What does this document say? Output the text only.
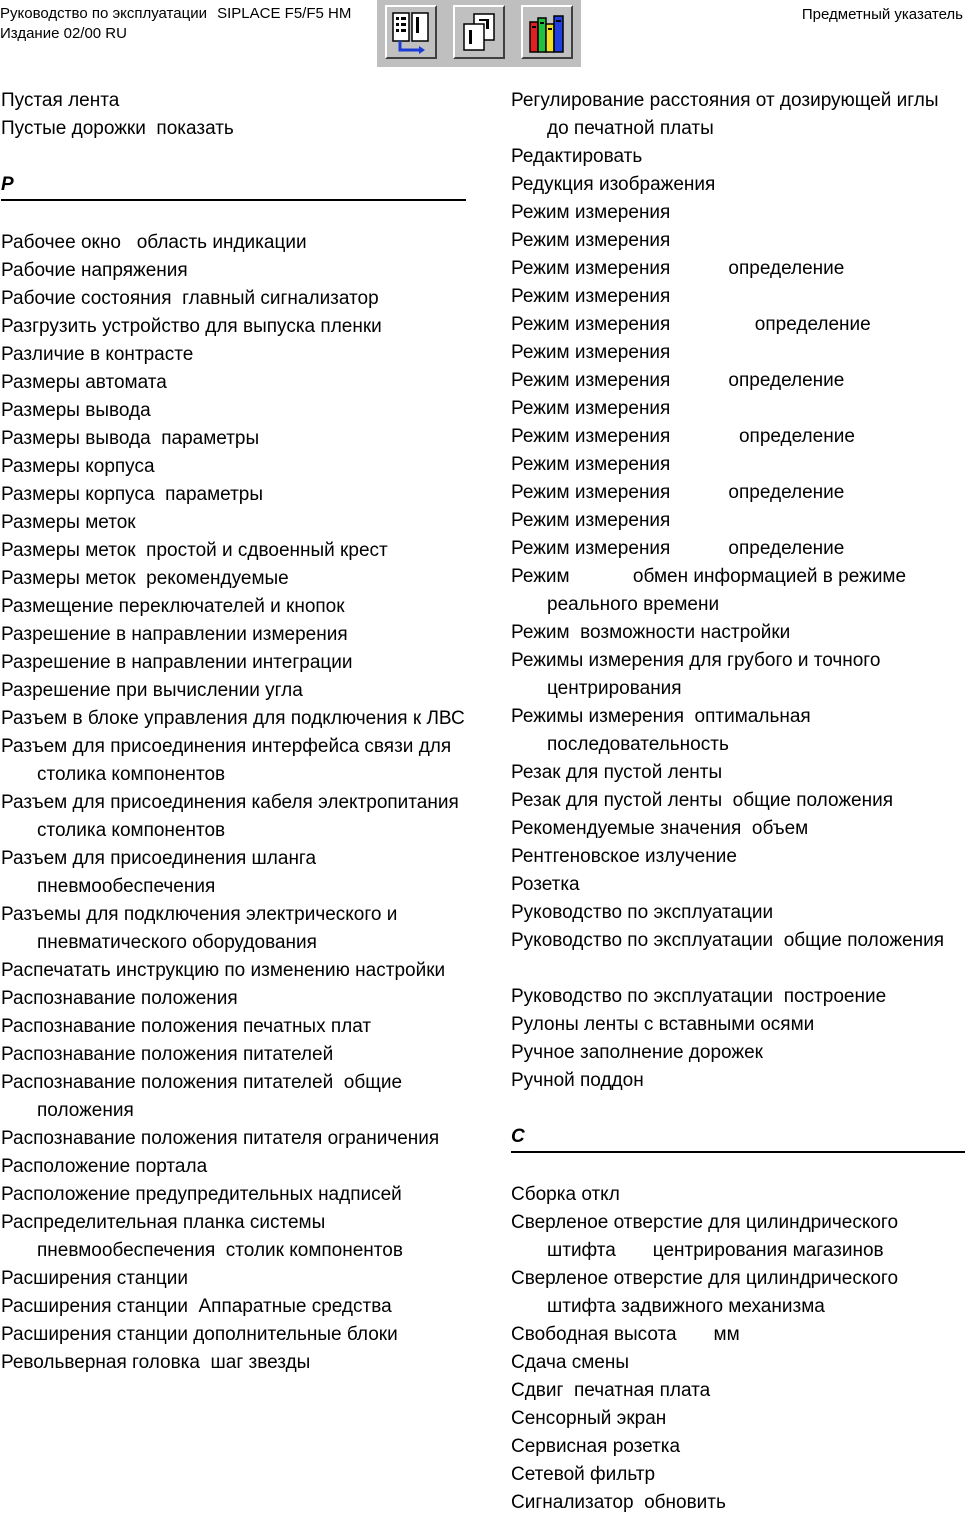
Руководство по эксплуатации SIPLACE F5/F5 HM
Издание 02/00 RU
Предметный указатель
Пустая лента
Пустые дорожки  показать
Р
Рабочее окно   область индикации
Рабочие напряжения
Рабочие состояния  главный сигнализатор
Разгрузить устройство для выпуска пленки
Различие в контрасте
Размеры автомата
Размеры вывода
Размеры вывода  параметры
Размеры корпуса
Размеры корпуса  параметры
Размеры меток
Размеры меток  простой и сдвоенный крест
Размеры меток  рекомендуемые
Размещение переключателей и кнопок
Разрешение в направлении измерения
Разрешение в направлении интеграции
Разрешение при вычислении угла
Разъем в блоке управления для подключения к ЛВС
Разъем для присоединения интерфейса связи для столика компонентов
Разъем для присоединения кабеля электропитания столика компонентов
Разъем для присоединения шланга пневмообеспечения
Разъемы для подключения электрического и пневматического оборудования
Распечатать инструкцию по изменению настройки
Распознавание положения
Распознавание положения печатных плат
Распознавание положения питателей
Распознавание положения питателей  общие положения
Распознавание положения питателя ограничения
Расположение портала
Расположение предупредительных надписей
Распределительная планка системы пневмообеспечения  столик компонентов
Расширения станции
Расширения станции  Аппаратные средства
Расширения станции дополнительные блоки
Револьверная головка  шаг звезды
Регулирование расстояния от дозирующей иглы до печатной платы
Редактировать
Редукция изображения
Режим измерения
Режим измерения
Режим измерения           определение
Режим измерения
Режим измерения                определение
Режим измерения
Режим измерения           определение
Режим измерения
Режим измерения             определение
Режим измерения
Режим измерения           определение
Режим измерения
Режим измерения           определение
Режим            обмен информацией в режиме реального времени
Режим  возможности настройки
Режимы измерения для грубого и точного центрирования
Режимы измерения  оптимальная последовательность
Резак для пустой ленты
Резак для пустой ленты  общие положения
Рекомендуемые значения  объем
Рентгеновское излучение
Розетка
Руководство по эксплуатации
Руководство по эксплуатации  общие положения
Руководство по эксплуатации  построение
Рулоны ленты с вставными осями
Ручное заполнение дорожек
Ручной поддон
С
Сборка откл
Сверленое отверстие для цилиндрического штифта       центрирования магазинов
Сверленое отверстие для цилиндрического штифта задвижного механизма
Свободная высота       мм
Сдача смены
Сдвиг  печатная плата
Сенсорный экран
Сервисная розетка
Сетевой фильтр
Сигнализатор  обновить
